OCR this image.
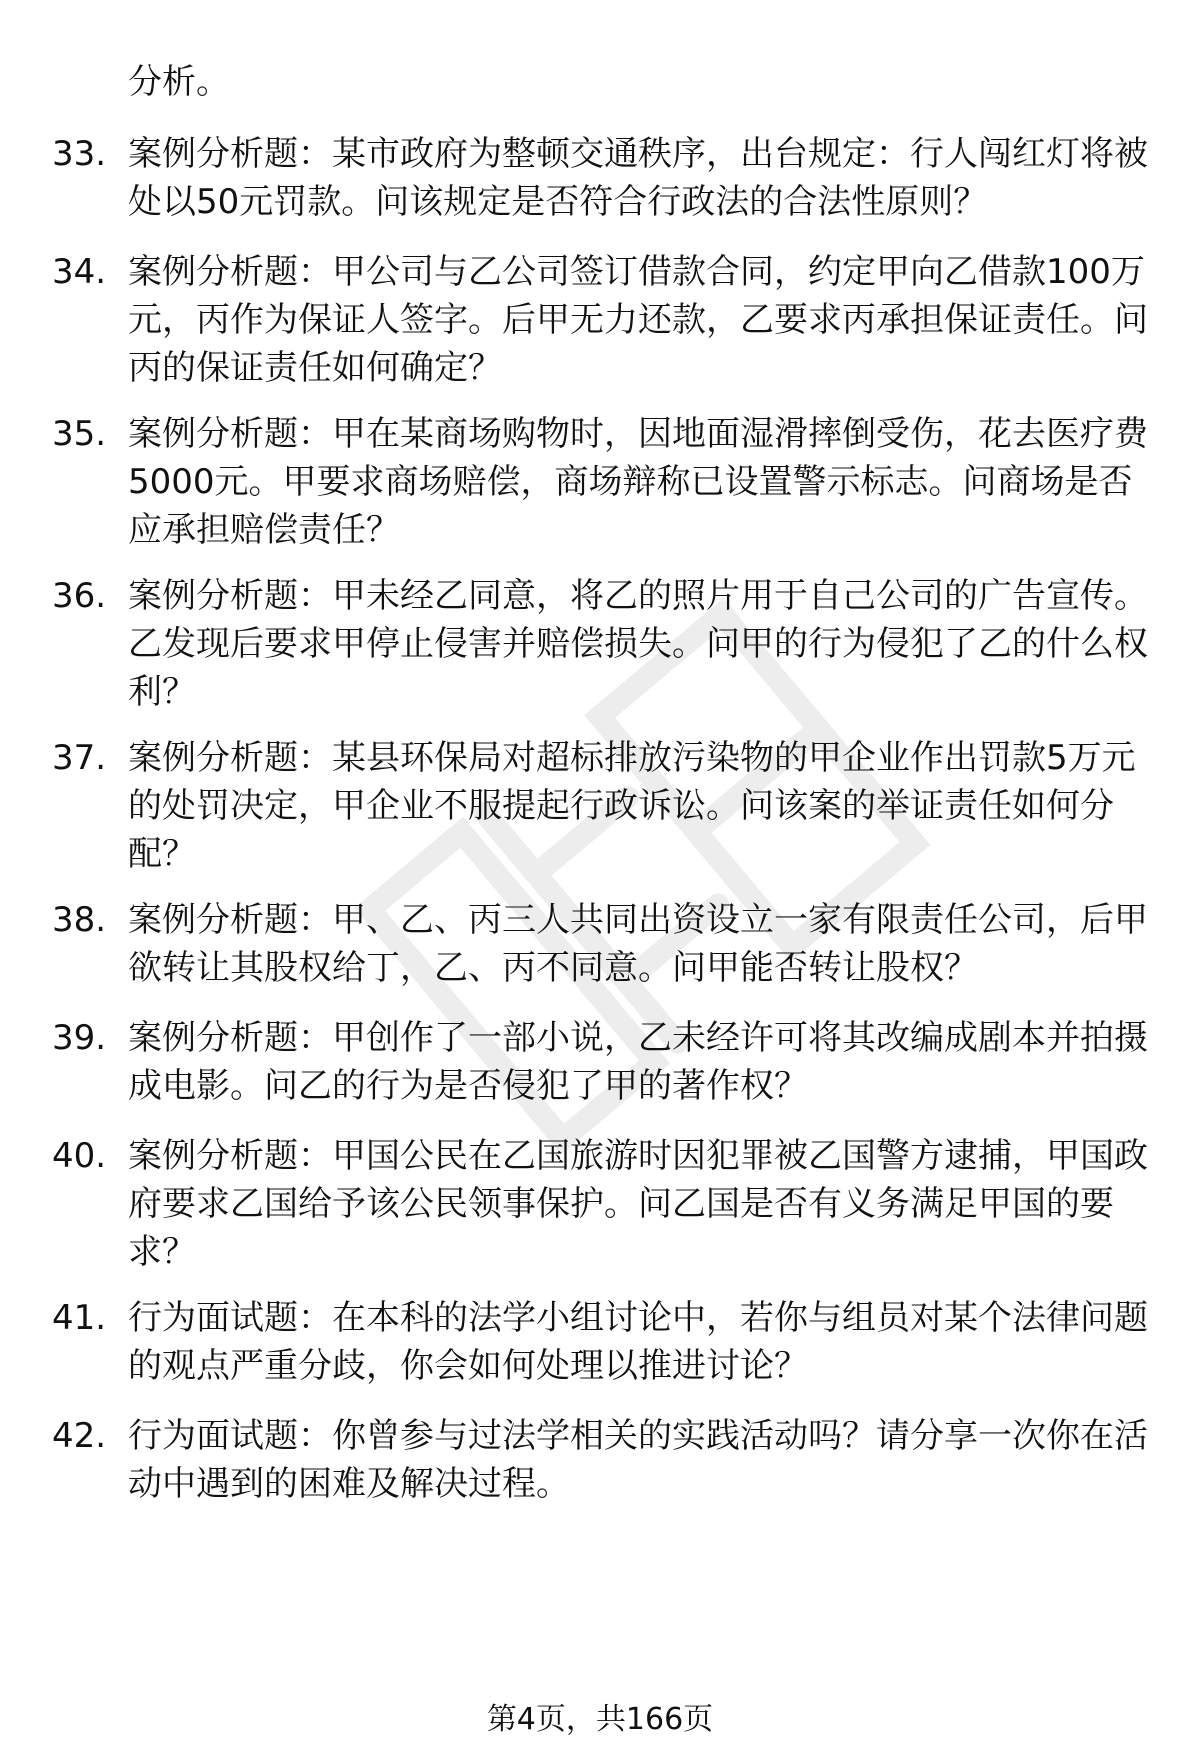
分析。
33. 案例分析题：某市政府为整顿交通秩序，出台规定：行人闯红灯将被处以50元罚款。问该规定是否符合行政法的合法性原则？
34. 案例分析题：甲公司与乙公司签订借款合同，约定甲向乙借款100万元，丙作为保证人签字。后甲无力还款，乙要求丙承担保证责任。问丙的保证责任如何确定？
35. 案例分析题：甲在某商场购物时，因地面湿滑摔倒受伤，花去医疗费5000元。甲要求商场赔偿，商场辩称已设置警示标志。问商场是否应承担赔偿责任？
36. 案例分析题：甲未经乙同意，将乙的照片用于自己公司的广告宣传。乙发现后要求甲停止侵害并赔偿损失。问甲的行为侵犯了乙的什么权利？
37. 案例分析题：某县环保局对超标排放污染物的甲企业作出罚款5万元的处罚决定，甲企业不服提起行政诉讼。问该案的举证责任如何分配？
38. 案例分析题：甲、乙、丙三人共同出资设立一家有限责任公司，后甲欲转让其股权给丁，乙、丙不同意。问甲能否转让股权？
39. 案例分析题：甲创作了一部小说，乙未经许可将其改编成剧本并拍摄成电影。问乙的行为是否侵犯了甲的著作权？
40. 案例分析题：甲国公民在乙国旅游时因犯罪被乙国警方逮捕，甲国政府要求乙国给予该公民领事保护。问乙国是否有义务满足甲国的要求？
41. 行为面试题：在本科的法学小组讨论中，若你与组员对某个法律问题的观点严重分歧，你会如何处理以推进讨论？
42. 行为面试题：你曾参与过法学相关的实践活动吗？请分享一次你在活动中遇到的困难及解决过程。
第4页，共166页
